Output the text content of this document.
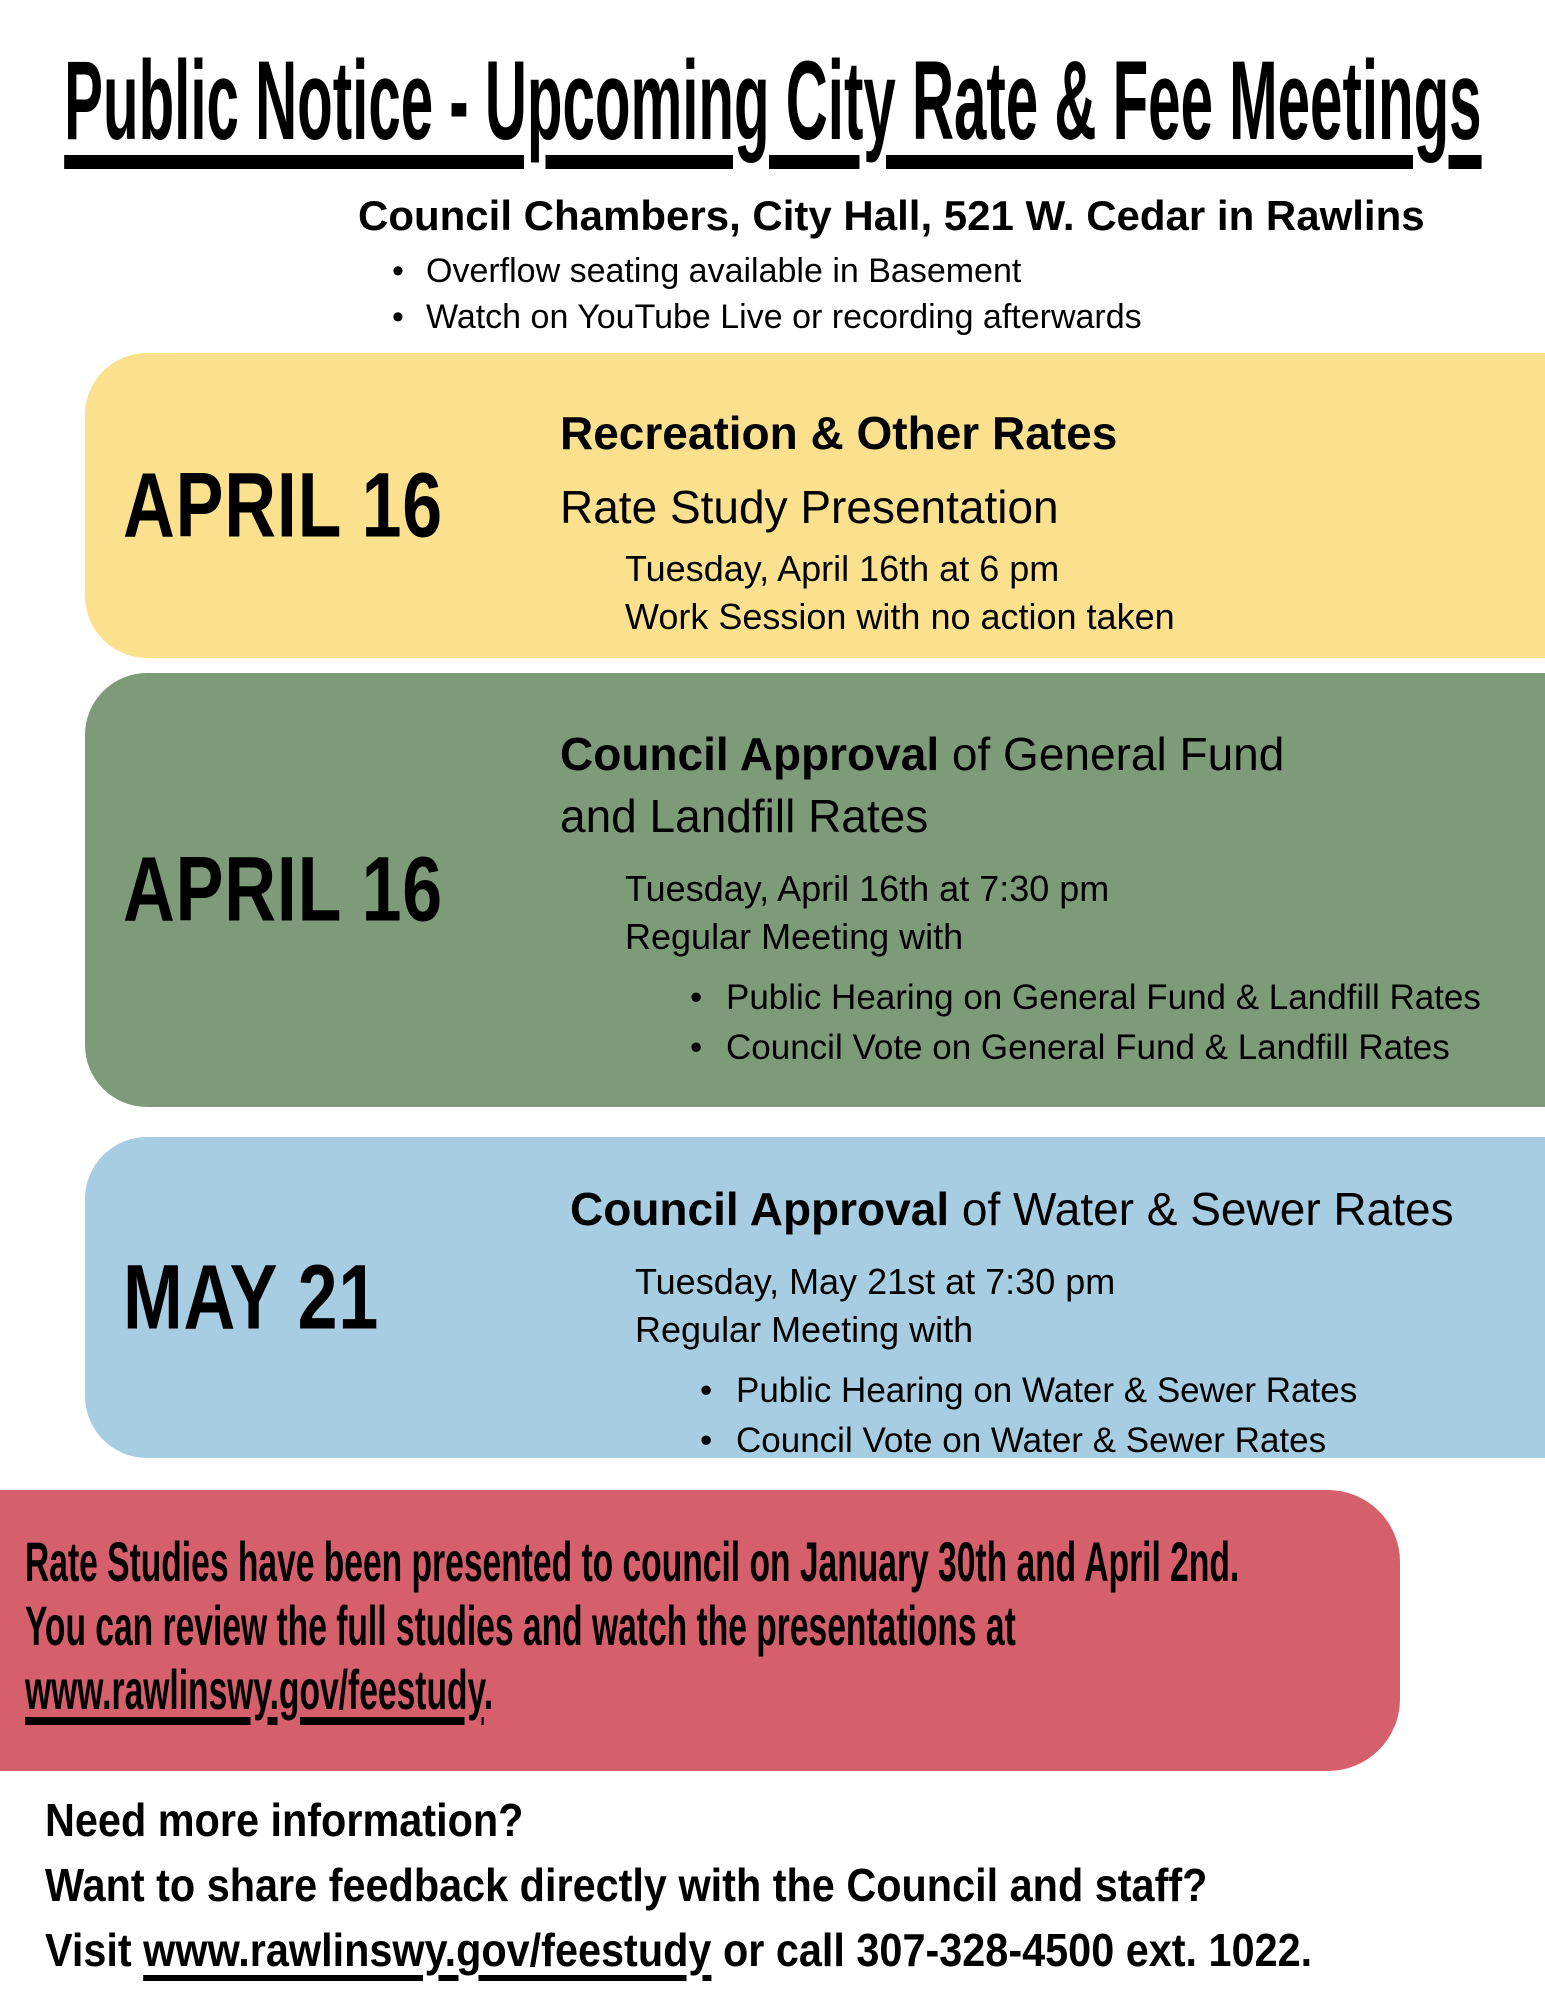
Public Notice - Upcoming City Rate & Fee Meetings
Council Chambers, City Hall, 521 W. Cedar in Rawlins
• Overflow seating available in Basement
• Watch on YouTube Live or recording afterwards
APRIL 16
Recreation & Other Rates
Rate Study Presentation
Tuesday, April 16th at 6 pm
Work Session with no action taken
APRIL 16
Council Approval of General Fund and Landfill Rates
Tuesday, April 16th at 7:30 pm
Regular Meeting with
• Public Hearing on General Fund & Landfill Rates
• Council Vote on General Fund & Landfill Rates
MAY 21
Council Approval of Water & Sewer Rates
Tuesday, May 21st at 7:30 pm
Regular Meeting with
• Public Hearing on Water & Sewer Rates
• Council Vote on Water & Sewer Rates
Rate Studies have been presented to council on January 30th and April 2nd.
You can review the full studies and watch the presentations at
www.rawlinswy.gov/feestudy.
Need more information?
Want to share feedback directly with the Council and staff?
Visit www.rawlinswy.gov/feestudy or call 307-328-4500 ext. 1022.
